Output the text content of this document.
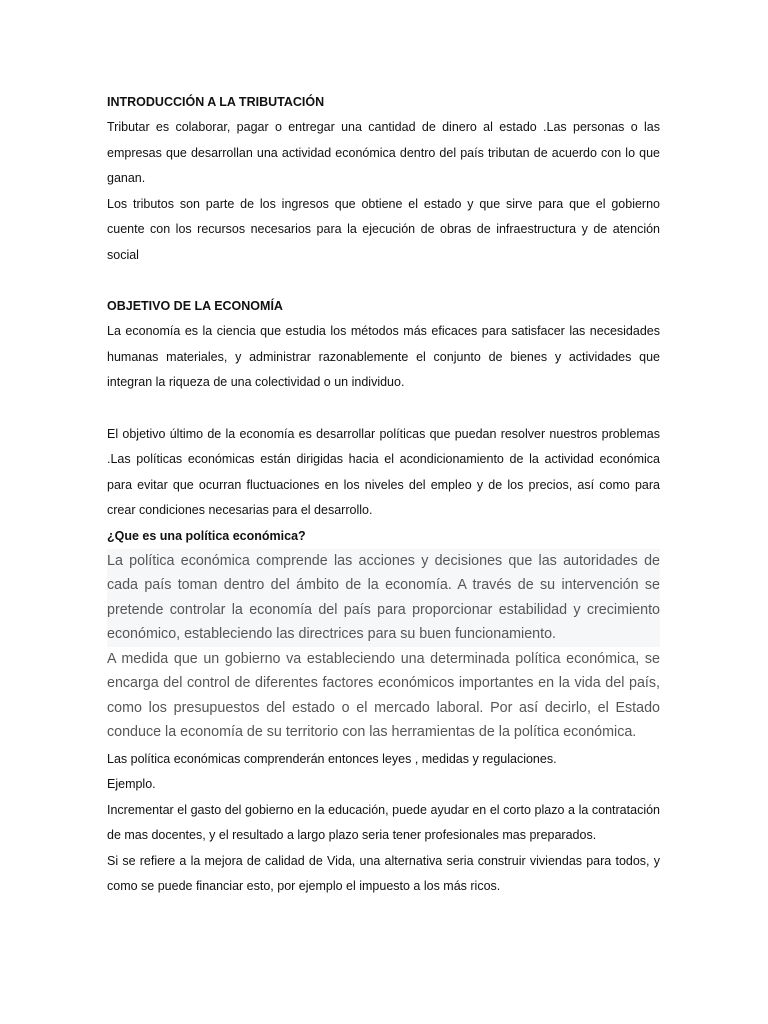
INTRODUCCIÓN A LA TRIBUTACIÓN

Tributar es colaborar, pagar o entregar una cantidad de dinero al estado .Las personas o las empresas que desarrollan una actividad económica dentro del país tributan de acuerdo con lo que ganan.

Los tributos son parte de los ingresos que obtiene el estado y que sirve para que el gobierno cuente con los recursos necesarios para la ejecución de obras de infraestructura y de atención social

OBJETIVO DE LA ECONOMÍA

La economía es la ciencia que estudia los métodos más eficaces para satisfacer las necesidades humanas materiales, y administrar razonablemente el conjunto de bienes y actividades que integran la riqueza de una colectividad o un individuo.

El objetivo último de la economía es desarrollar políticas que puedan resolver nuestros problemas .Las políticas económicas están dirigidas hacia el acondicionamiento de la actividad económica para evitar que ocurran fluctuaciones en los niveles del empleo y de los precios, así como para crear condiciones necesarias para el desarrollo.

¿Que es una política económica?

La política económica comprende las acciones y decisiones que las autoridades de cada país toman dentro del ámbito de la economía. A través de su intervención se pretende controlar la economía del país para proporcionar estabilidad y crecimiento económico, estableciendo las directrices para su buen funcionamiento.

A medida que un gobierno va estableciendo una determinada política económica, se encarga del control de diferentes factores económicos importantes en la vida del país, como los presupuestos del estado o el mercado laboral. Por así decirlo, el Estado conduce la economía de su territorio con las herramientas de la política económica.

Las política económicas comprenderán entonces leyes , medidas y regulaciones.

Ejemplo.

Incrementar el gasto del gobierno en la educación, puede ayudar en el corto plazo a la contratación de mas docentes, y el resultado a largo plazo seria tener profesionales mas preparados.

Si se refiere a la mejora de calidad de Vida, una alternativa seria construir viviendas para todos, y como se puede financiar esto, por ejemplo el impuesto a los más ricos.
